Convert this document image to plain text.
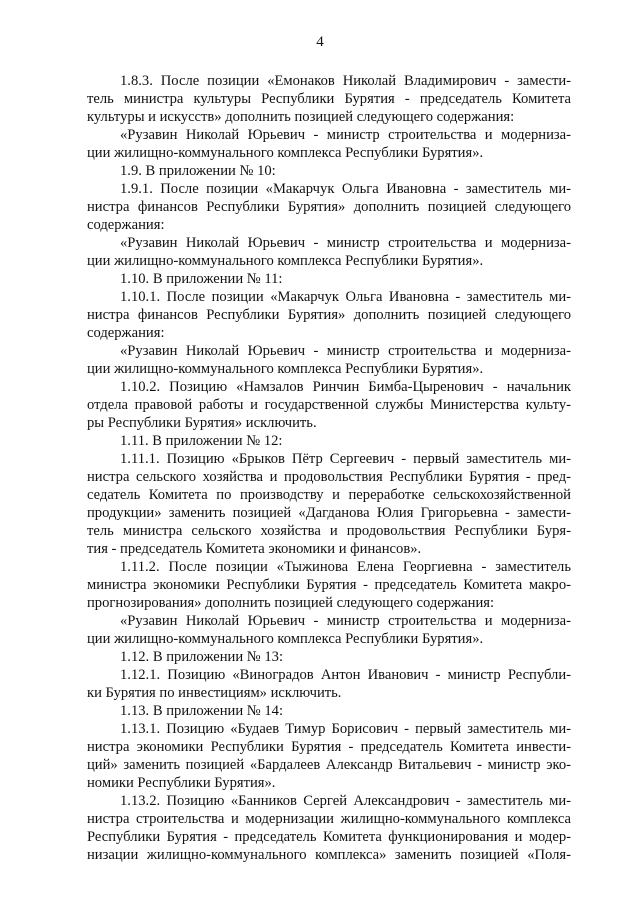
4
1.8.3. После позиции «Емонаков Николай Владимирович - замести-
тель министра культуры Республики Бурятия - председатель Комитета
культуры и искусств» дополнить позицией следующего содержания:
«Рузавин Николай Юрьевич - министр строительства и модерниза-
ции жилищно-коммунального комплекса Республики Бурятия».
1.9. В приложении № 10:
1.9.1. После позиции «Макарчук Ольга Ивановна - заместитель ми-
нистра финансов Республики Бурятия» дополнить позицией следующего
содержания:
«Рузавин Николай Юрьевич - министр строительства и модерниза-
ции жилищно-коммунального комплекса Республики Бурятия».
1.10. В приложении № 11:
1.10.1. После позиции «Макарчук Ольга Ивановна - заместитель ми-
нистра финансов Республики Бурятия» дополнить позицией следующего
содержания:
«Рузавин Николай Юрьевич - министр строительства и модерниза-
ции жилищно-коммунального комплекса Республики Бурятия».
1.10.2. Позицию «Намзалов Ринчин Бимба-Цыренович - начальник
отдела правовой работы и государственной службы Министерства культу-
ры Республики Бурятия» исключить.
1.11. В приложении № 12:
1.11.1. Позицию «Брыков Пётр Сергеевич - первый заместитель ми-
нистра сельского хозяйства и продовольствия Республики Бурятия - пред-
седатель Комитета по производству и переработке сельскохозяйственной
продукции» заменить позицией «Дагданова Юлия Григорьевна - замести-
тель министра сельского хозяйства и продовольствия Республики Буря-
тия - председатель Комитета экономики и финансов».
1.11.2. После позиции «Тыжинова Елена Георгиевна - заместитель
министра экономики Республики Бурятия - председатель Комитета макро-
прогнозирования» дополнить позицией следующего содержания:
«Рузавин Николай Юрьевич - министр строительства и модерниза-
ции жилищно-коммунального комплекса Республики Бурятия».
1.12. В приложении № 13:
1.12.1. Позицию «Виноградов Антон Иванович - министр Республи-
ки Бурятия по инвестициям» исключить.
1.13. В приложении № 14:
1.13.1. Позицию «Будаев Тимур Борисович - первый заместитель ми-
нистра экономики Республики Бурятия - председатель Комитета инвести-
ций» заменить позицией «Бардалеев Александр Витальевич - министр эко-
номики Республики Бурятия».
1.13.2. Позицию «Банников Сергей Александрович - заместитель ми-
нистра строительства и модернизации жилищно-коммунального комплекса
Республики Бурятия - председатель Комитета функционирования и модер-
низации жилищно-коммунального комплекса» заменить позицией «Поля-
